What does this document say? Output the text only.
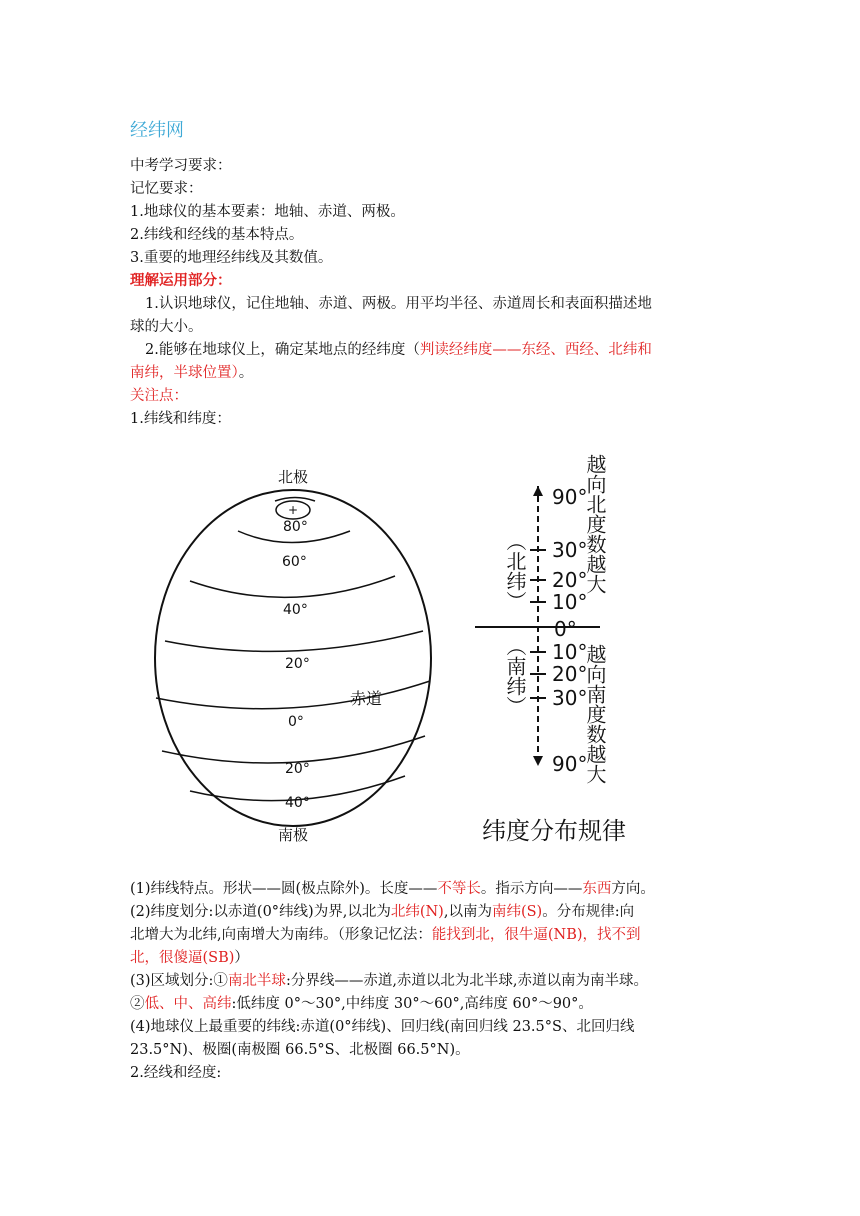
经纬网
中考学习要求：
记忆要求：
1.地球仪的基本要素：地轴、赤道、两极。
2.纬线和经线的基本特点。
3.重要的地理经纬线及其数值。
理解运用部分：
1.认识地球仪，记住地轴、赤道、两极。用平均半径、赤道周长和表面积描述地
球的大小。
2.能够在地球仪上，确定某地点的经纬度（判读经纬度——东经、西经、北纬和
南纬，半球位置）。
关注点：
1.纬线和纬度：
北极
+
80°
60°
40°
20°
0°
20°
40°
赤道
南极
90°
30°
20°
10°
0°
10°
20°
30°
90°
（北纬）
（南纬）
越向北度数越大
越向南度数越大
纬度分布规律
(1)纬线特点。形状——圆(极点除外)。长度——不等长。指示方向——东西方向。
(2)纬度划分:以赤道(0°纬线)为界,以北为北纬(N),以南为南纬(S)。分布规律:向
北增大为北纬,向南增大为南纬。（形象记忆法：能找到北，很牛逼(NB)，找不到
北，很傻逼(SB)）
(3)区域划分:①南北半球:分界线——赤道,赤道以北为北半球,赤道以南为南半球。
②低、中、高纬:低纬度 0°～30°,中纬度 30°～60°,高纬度 60°～90°。
(4)地球仪上最重要的纬线:赤道(0°纬线)、回归线(南回归线 23.5°S、北回归线
23.5°N)、极圈(南极圈 66.5°S、北极圈 66.5°N)。
2.经线和经度:
